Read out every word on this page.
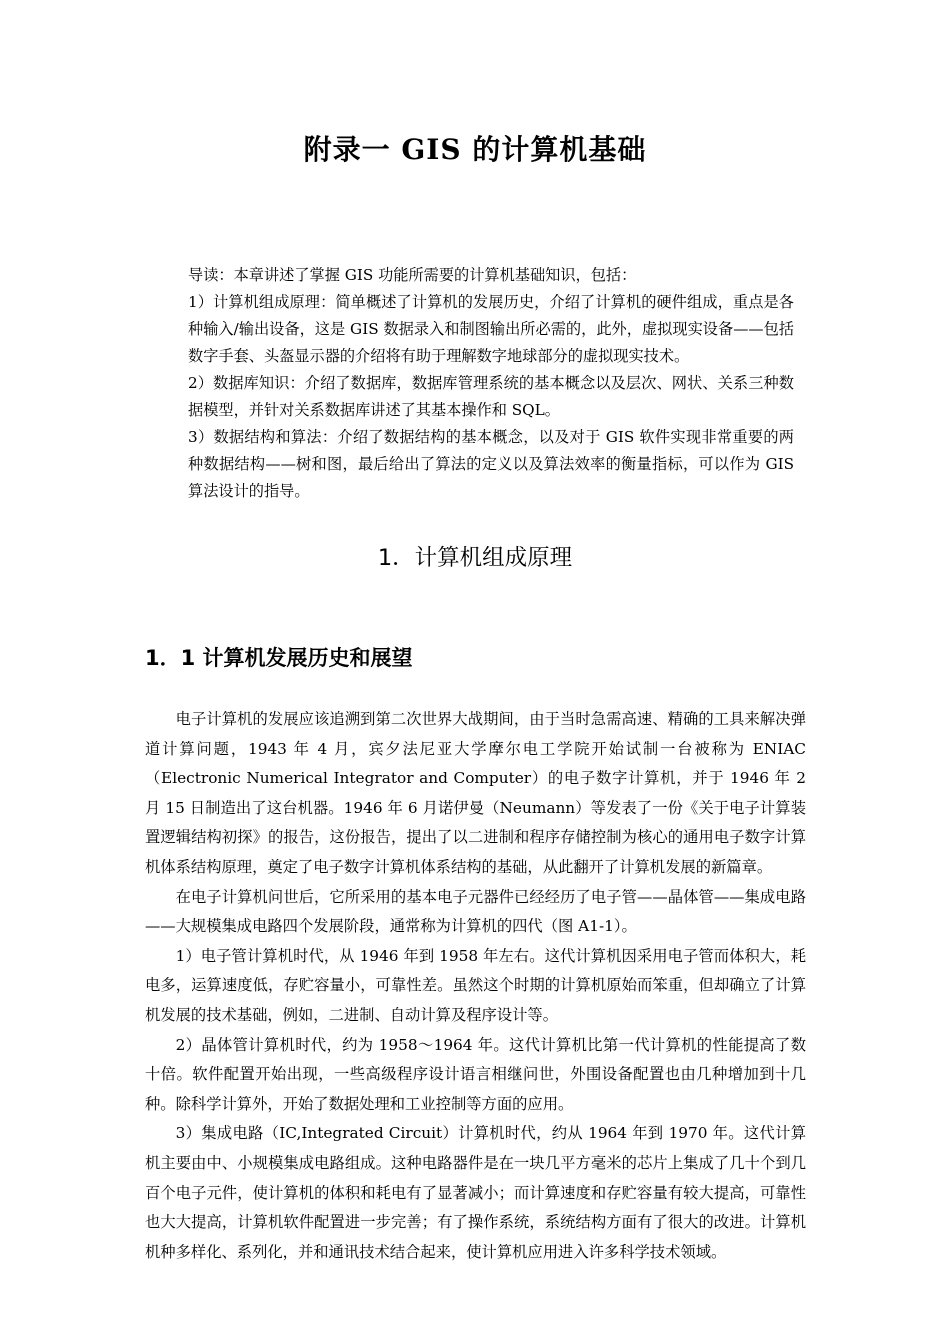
附录一 GIS 的计算机基础

导读：本章讲述了掌握 GIS 功能所需要的计算机基础知识，包括：

1）计算机组成原理：简单概述了计算机的发展历史，介绍了计算机的硬件组成，重点是各种输入/输出设备，这是 GIS 数据录入和制图输出所必需的，此外，虚拟现实设备——包括数字手套、头盔显示器的介绍将有助于理解数字地球部分的虚拟现实技术。

2）数据库知识：介绍了数据库，数据库管理系统的基本概念以及层次、网状、关系三种数据模型，并针对关系数据库讲述了其基本操作和 SQL。

3）数据结构和算法：介绍了数据结构的基本概念，以及对于 GIS 软件实现非常重要的两种数据结构——树和图，最后给出了算法的定义以及算法效率的衡量指标，可以作为 GIS 算法设计的指导。

1．计算机组成原理
1．1 计算机发展历史和展望

电子计算机的发展应该追溯到第二次世界大战期间，由于当时急需高速、精确的工具来解决弹道计算问题，1943 年 4 月，宾夕法尼亚大学摩尔电工学院开始试制一台被称为 ENIAC（Electronic Numerical Integrator and Computer）的电子数字计算机，并于 1946 年 2 月 15 日制造出了这台机器。1946 年 6 月诺伊曼（Neumann）等发表了一份《关于电子计算装置逻辑结构初探》的报告，这份报告，提出了以二进制和程序存储控制为核心的通用电子数字计算机体系结构原理，奠定了电子数字计算机体系结构的基础，从此翻开了计算机发展的新篇章。

在电子计算机问世后，它所采用的基本电子元器件已经经历了电子管——晶体管——集成电路——大规模集成电路四个发展阶段，通常称为计算机的四代（图 A1-1）。

1）电子管计算机时代，从 1946 年到 1958 年左右。这代计算机因采用电子管而体积大，耗电多，运算速度低，存贮容量小，可靠性差。虽然这个时期的计算机原始而笨重，但却确立了计算机发展的技术基础，例如，二进制、自动计算及程序设计等。

2）晶体管计算机时代，约为 1958～1964 年。这代计算机比第一代计算机的性能提高了数十倍。软件配置开始出现，一些高级程序设计语言相继问世，外围设备配置也由几种增加到十几种。除科学计算外，开始了数据处理和工业控制等方面的应用。

3）集成电路（IC,Integrated Circuit）计算机时代，约从 1964 年到 1970 年。这代计算机主要由中、小规模集成电路组成。这种电路器件是在一块几平方毫米的芯片上集成了几十个到几百个电子元件，使计算机的体积和耗电有了显著减小；而计算速度和存贮容量有较大提高，可靠性也大大提高，计算机软件配置进一步完善；有了操作系统，系统结构方面有了很大的改进。计算机机种多样化、系列化，并和通讯技术结合起来，使计算机应用进入许多科学技术领域。
